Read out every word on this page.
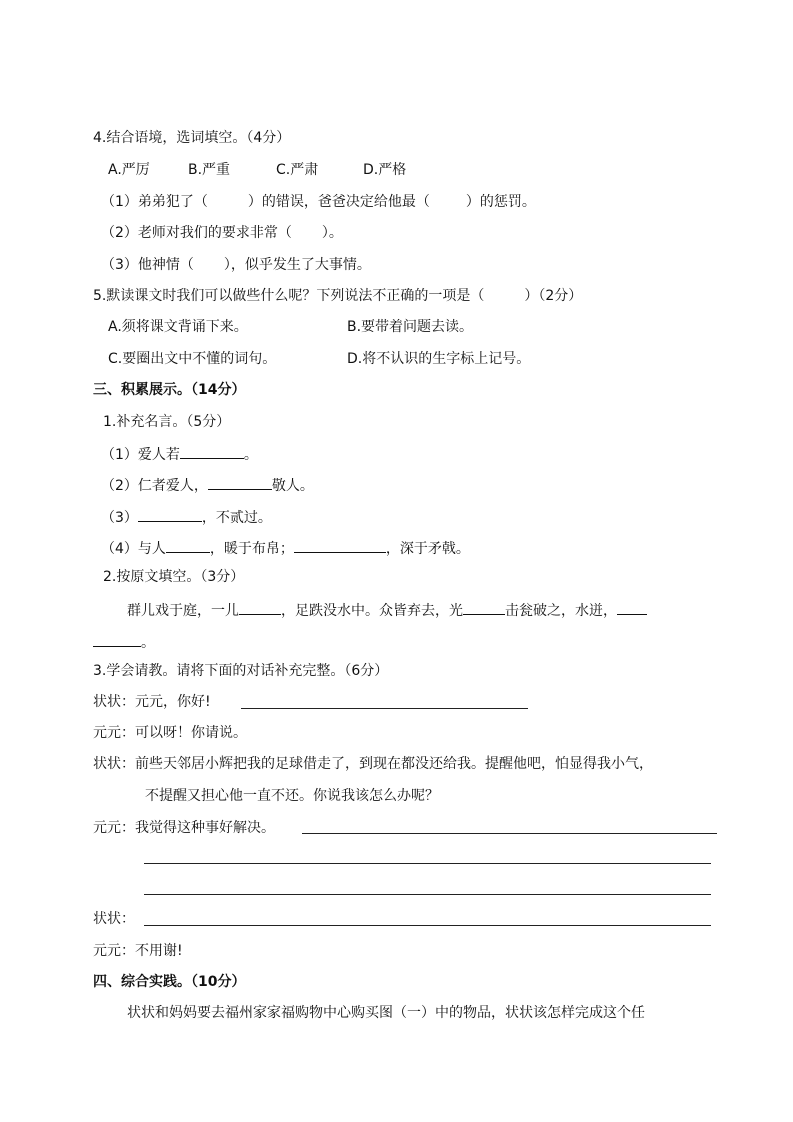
4.结合语境，选词填空。（4分）
A.严厉	B.严重	C.严肃	D.严格
（1）弟弟犯了（	）的错误，爸爸决定给他最（	）的惩罚。
（2）老师对我们的要求非常（ ）。
（3）他神情（ ），似乎发生了大事情。
5.默读课文时我们可以做些什么呢？下列说法不正确的一项是（	）（2分）
A.须将课文背诵下来。	B.要带着问题去读。
C.要圈出文中不懂的词句。	D.将不认识的生字标上记号。
三、积累展示。（14分）
1.补充名言。（5分）
（1）爱人若	。
（2）仁者爱人，	敬人。
（3）	，不贰过。
（4）与人	，暖于布帛；	，深于矛戟。
2.按原文填空。（3分）
群儿戏于庭，一儿	，足跌没水中。众皆弃去，光	击瓮破之，水迸，
。
3.学会请教。请将下面的对话补充完整。（6分）
状状：元元，你好!
元元：可以呀！你请说。
状状：前些天邻居小辉把我的足球借走了，到现在都没还给我。提醒他吧，怕显得我小气，
不提醒又担心他一直不还。你说我该怎么办呢？
元元：我觉得这种事好解决。
状状：
元元：不用谢!
四、综合实践。（10分）
状状和妈妈要去福州家家福购物中心购买图（一）中的物品，状状该怎样完成这个任
